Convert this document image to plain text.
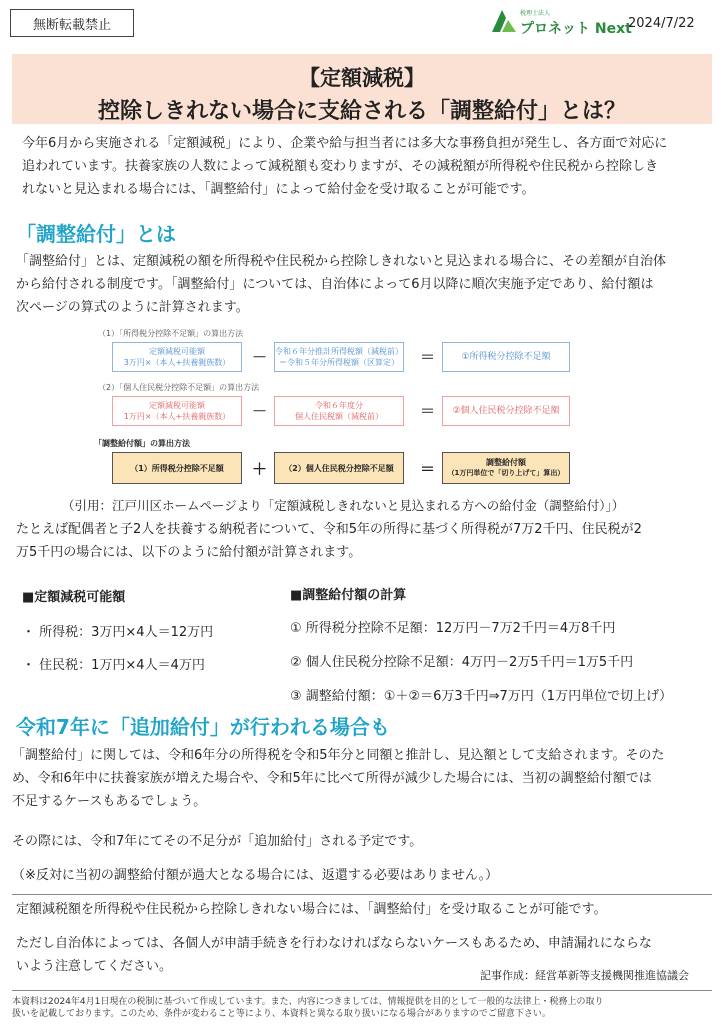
無断転載禁止
税理士法人
プロネット Next
2024/7/22
【定額減税】
控除しきれない場合に支給される「調整給付」とは？
今年6月から実施される「定額減税」により、企業や給与担当者には多大な事務負担が発生し、各方面で対応に
追われています。扶養家族の人数によって減税額も変わりますが、その減税額が所得税や住民税から控除しき
れないと見込まれる場合には、「調整給付」によって給付金を受け取ることが可能です。
「調整給付」とは
「調整給付」とは、定額減税の額を所得税や住民税から控除しきれないと見込まれる場合に、その差額が自治体
から給付される制度です。「調整給付」については、自治体によって6月以降に順次実施予定であり、給付額は
次ページの算式のように計算されます。
（1）「所得税分控除不足額」の算出方法
定額減税可能額
3万円×（本人+扶養親族数） － 令和６年分推計所得税額（減税前）
＝令和５年分所得税額（区算定） ＝	①所得税分控除不足額
（2）「個人住民税分控除不足額」の算出方法
定額減税可能額
1万円×（本人+扶養親族数） －	令和６年度分
個人住民税額（減税前） ＝	②個人住民税分控除不足額
「調整給付額」の算出方法
（1）所得税分控除不足額	＋	（2）個人住民税分控除不足額	＝	調整給付額
（1万円単位で「切り上げて」算出）
（引用：江戸川区ホームページより「定額減税しきれないと見込まれる方への給付金（調整給付）」）
たとえば配偶者と子2人を扶養する納税者について、令和5年の所得に基づく所得税が7万2千円、住民税が2
万5千円の場合には、以下のように給付額が計算されます。
■定額減税可能額
・ 所得税：3万円×4人＝12万円
・ 住民税：1万円×4人＝4万円
■調整給付額の計算
① 所得税分控除不足額：12万円－7万2千円＝4万8千円
② 個人住民税分控除不足額：4万円－2万5千円＝1万5千円
③ 調整給付額：①＋②＝6万3千円⇒7万円（1万円単位で切上げ）
令和7年に「追加給付」が行われる場合も
「調整給付」に関しては、令和6年分の所得税を令和5年分と同額と推計し、見込額として支給されます。そのた
め、令和6年中に扶養家族が増えた場合や、令和5年に比べて所得が減少した場合には、当初の調整給付額では
不足するケースもあるでしょう。
その際には、令和7年にてその不足分が「追加給付」される予定です。
（※反対に当初の調整給付額が過大となる場合には、返還する必要はありません。）
定額減税額を所得税や住民税から控除しきれない場合には、「調整給付」を受け取ることが可能です。
ただし自治体によっては、各個人が申請手続きを行わなければならないケースもあるため、申請漏れにならな
いよう注意してください。
記事作成：経営革新等支援機関推進協議会
本資料は2024年4月1日現在の税制に基づいて作成しています。また、内容につきましては、情報提供を目的として一般的な法律上・税務上の取り
扱いを記載しております。このため、条件が変わること等により、本資料と異なる取り扱いになる場合がありますのでご留意下さい。
